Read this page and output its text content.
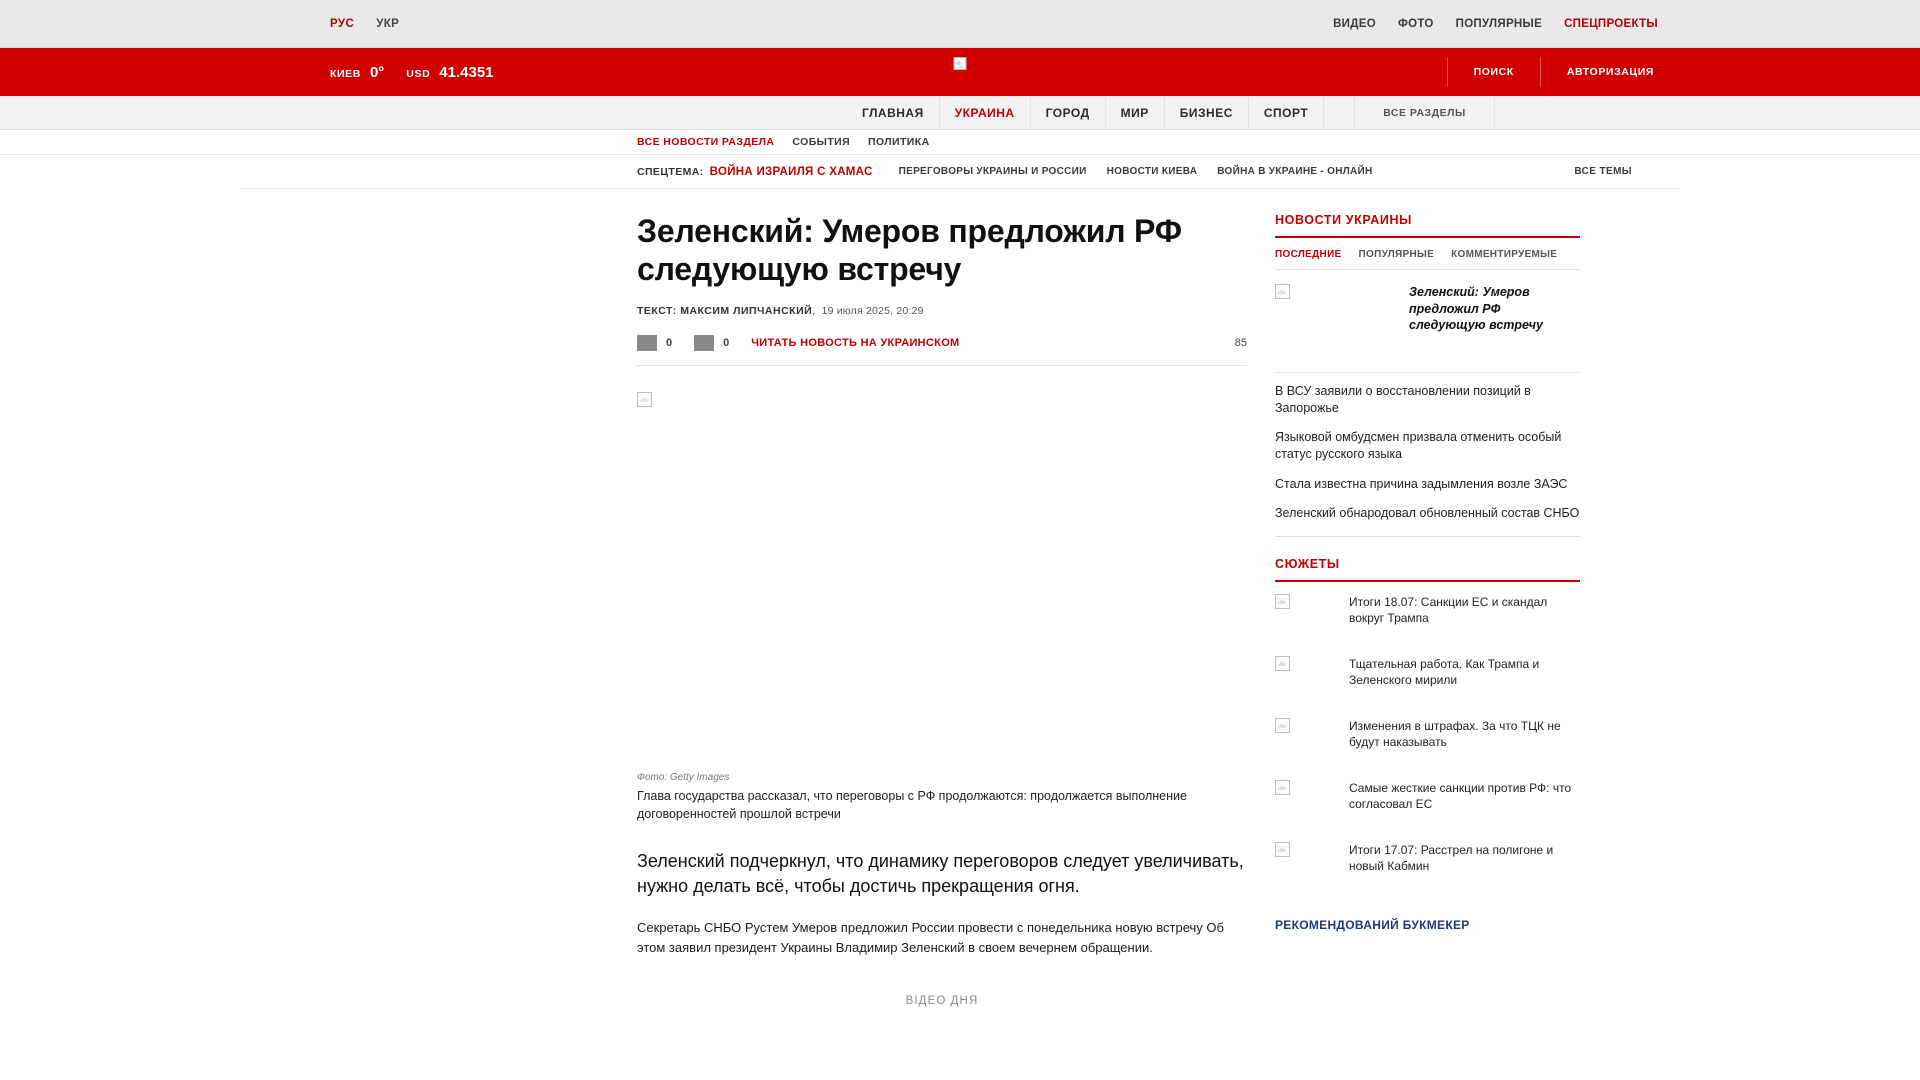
РУС УКР	ВИДЕО ФОТО ПОПУЛЯРНЫЕ СПЕЦПРОЕКТЫ
КИЕВ 0° USD 41.4351	ПОИСК	АВТОРИЗАЦИЯ
ГЛАВНАЯ	УКРАИНА	ГОРОД	МИР	БИЗНЕС	СПОРТ	ВСЕ РАЗДЕЛЫ
ВСЕ НОВОСТИ РАЗДЕЛА СОБЫТИЯ ПОЛИТИКА
СПЕЦТЕМА: ВОЙНА ИЗРАИЛЯ С ХАМАС	ПЕРЕГОВОРЫ УКРАИНЫ И РОССИИ НОВОСТИ КИЕВА ВОЙНА В УКРАИНЕ - ОНЛАЙН	ВСЕ ТЕМЫ
Зеленский: Умеров предложил РФ следующую встречу
ТЕКСТ: МАКСИМ ЛИПЧАНСКИЙ,  19 июля 2025, 20:29
0	0 ЧИТАТЬ НОВОСТЬ НА УКРАИНСКОМ	85
Фото: Getty Images
Глава государства рассказал, что переговоры с РФ продолжаются: продолжается выполнение договоренностей прошлой встречи

Зеленский подчеркнул, что динамику переговоров следует увеличивать, нужно делать всё, чтобы достичь прекращения огня.

Секретарь СНБО Рустем Умеров предложил России провести с понедельника новую встречу Об этом заявил президент Украины Владимир Зеленский в своем вечернем обращении.

ВІДЕО ДНЯ
НОВОСТИ УКРАИНЫ
ПОСЛЕДНИЕ ПОПУЛЯРНЫЕ КОММЕНТИРУЕМЫЕ
Зеленский: Умеров предложил РФ следующую встречу
В ВСУ заявили о восстановлении позиций в Запорожье
Языковой омбудсмен призвала отменить особый статус русского языка
Стала известна причина задымления возле ЗАЭС
Зеленский обнародовал обновленный состав СНБО
СЮЖЕТЫ
Итоги 18.07: Санкции ЕС и скандал вокруг Трампа
Тщательная работа. Как Трампа и Зеленского мирили
Изменения в штрафах. За что ТЦК не будут наказывать
Самые жесткие санкции против РФ: что согласовал ЕС
Итоги 17.07: Расстрел на полигоне и новый Кабмин
РЕКОМЕНДОВАНИЙ БУКМЕКЕР
